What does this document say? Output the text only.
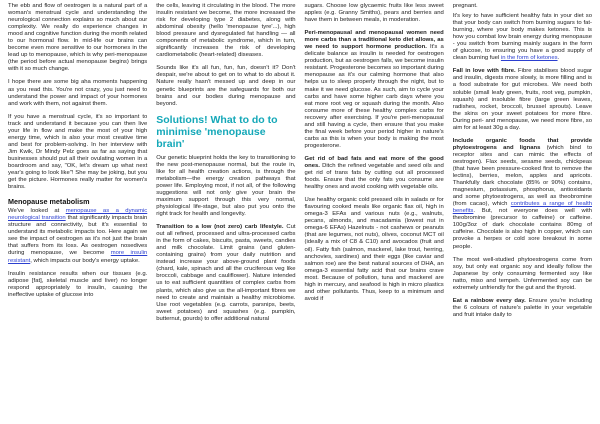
The ebb and flow of oestrogen is a natural part of a woman's menstrual cycle and understanding the neurological connection explains so much about our complexity. We really do experience changes in mood and cognitive function during the month related to our hormonal flow. In mid-life our brains can become even more sensitive to our hormones in the lead up to menopause, which is why peri-menopause (the period before actual menopause begins) brings with it so much change.

I hope there are some big aha moments happening as you read this. You're not crazy, you just need to understand the power and impact of your hormones and work with them, not against them.

If you have a menstrual cycle, it's so important to track and understand it because you can then live your life in flow and make the most of your high energy time, which is also your most creative time and best for problem-solving. In her interview with Jim Kwik, Dr Mindy Pelz goes as far as saying that businesses should put all their ovulating women in a boardroom and say, "OK, let's dream up what next year's going to look like"! She may be joking, but you get the picture. Hormones really matter for women's brains.

Menopause metabolism

We've looked at menopause as a dynamic neurological transition that significantly impacts brain structure and connectivity, but it's essential to understand its metabolic impacts too. Here again we see the impact of oestrogen as it's not just the brain that suffers from its loss. As oestrogen nosedives during menopause, we become more insulin resistant, which impacts our body's energy uptake.

Insulin resistance results when our tissues (e.g. adipose [fat], skeletal muscle and liver) no longer respond appropriately to insulin, causing the ineffective uptake of glucose into

the cells, leaving it circulating in the blood. The more insulin resistant we become, the more increased the risk for developing type 2 diabetes, along with abdominal obesity (hello 'menopause tyre'...), high blood pressure and dysregulated fat handling — all components of metabolic syndrome, which in turn, significantly increases the risk of developing cardiometabolic (heart-related) diseases.

Sounds like it's all fun, fun, fun, doesn't it? Don't despair, we're about to get on to what to do about it. Nature really hasn't messed up and deep in our genetic blueprints are the safeguards for both our brains and our bodies during menopause and beyond.

Solutions! What to do to minimise 'menopause brain'

Our genetic blueprint holds the key to transitioning to the new post-menopause normal, but the route in, like for all health creation actions, is through the metabolism—the energy creation pathways that power life. Employing most, if not all, of the following suggestions will not only give your brain the maximum support through this very normal, physiological life-stage, but also put you onto the right track for health and longevity.

Transition to a low (not zero) carb lifestyle. Cut out all refined, processed and ultra-processed carbs in the form of cakes, biscuits, pasta, sweets, candies and milk chocolate. Limit grains (and gluten-containing grains) from your daily nutrition and instead increase your above-ground plant foods (chard, kale, spinach and all the cruciferous veg like broccoli, cabbage and cauliflower). Nature intended us to eat sufficient quantities of complex carbs from plants, which also give us the all-important fibres we need to create and maintain a healthy microbiome. Use root vegetables (e.g. carrots, parsnips, beets, sweet potatoes) and squashes (e.g. pumpkin, butternut, gourds) to offer additional natural

sugars. Choose low glycaemic fruits like less sweet apples (e.g. Granny Smiths), pears and berries and have them in between meals, in moderation.

Peri-menopausal and menopausal women need more carbs than a traditional keto diet allows, as we need to support hormone production. It's a delicate balance as insulin is needed for oestrogen production, but as oestrogen falls, we become insulin resistant. Progesterone becomes so important during menopause as it's our calming hormone that also helps us to sleep properly through the night, but to make it we need glucose. As such, aim to cycle your carbs and have some higher carb days where you eat more root veg or squash during the month. Also consume more of these healthy complex carbs for recovery after exercising. If you're peri-menopausal and still having a cycle, then ensure that you make the final week before your period higher in nature's carbs as this is when your body is making the most progesterone.

Get rid of bad fats and eat more of the good ones. Ditch the refined vegetable and seed oils and get rid of trans fats by cutting out all processed foods. Ensure that the only fats you consume are healthy ones and avoid cooking with vegetable oils.

Use healthy organic cold pressed oils in salads or for flavouring cooked meals like organic flax oil, high in omega-3 EFAs and various nuts (e.g., walnuts, pecans, almonds, and macadamia (lowest nut in omega-6 EFAs) Hazelnuts - not cashews or peanuts (that are legumes, not nuts), olives, coconut MCT oil (ideally a mix of C8 & C10) and avocados (fruit and oil). Fatty fish (salmon, mackerel, lake trout, herring, anchovies, sardines) and their eggs (like caviar and salmon roe) are the best natural sources of DHA, an omega-3 essential fatty acid that our brains crave most. Because of pollution, tuna and mackerel are high in mercury, and seafood is high in micro plastics and other pollutants. Thus, keep to a minimum and avoid if

pregnant.

It's key to have sufficient healthy fats in your diet so that your body can switch from burning sugars to fat-burning, where your body makes ketones. This is how you combat low brain energy during menopause - you switch from burning mainly sugars in the form of glucose, to ensuring you have a good supply of clean burning fuel in the form of ketones.

Fall in love with fibre. Fibre stabilises blood sugar and insulin, digests more slowly, is more filling and is a food substrate for gut microbes. We need both soluble (small leafy green, fruits, root veg, pumpkin, squash) and insoluble fibre (large green leaves, radishes, rocket, broccoli, brussel sprouts). Leave the skins on your sweet potatoes for more fibre. During peri- and menopause, we need more fibre, so aim for at least 30g a day.

Include organic foods that provide phytoestrogens and lignans (which bind to receptor sites and can mimic the effects of oestrogen). Flax seeds, sesame seeds, chickpeas (that have been pressure-cooked first to remove the lectins), berries, melon, apples and apricots. Thankfully dark chocolate (85% or 90%) contains, magnesium, potassium, phosphorus, antioxidants and some phytoestrogens, as well as theobromine (from cacao), which contributes a range of health benefits. But, not everyone does well with theobromine (precursor to caffeine) or caffeine. 100g/3oz of dark chocolate contains 80mg of caffeine. Chocolate is also high in copper, which can provoke a herpes or cold sore breakout in some people.

The most well-studied phytoestrogens come from soy, but only eat organic soy and ideally follow the Japanese by only consuming fermented soy like natto, miso and tempeh. Unfermented soy can be extremely unfriendly for the gut and the thyroid.

Eat a rainbow every day. Ensure you're including the 6 colours of nature's palette in your vegetable and fruit intake daily to
